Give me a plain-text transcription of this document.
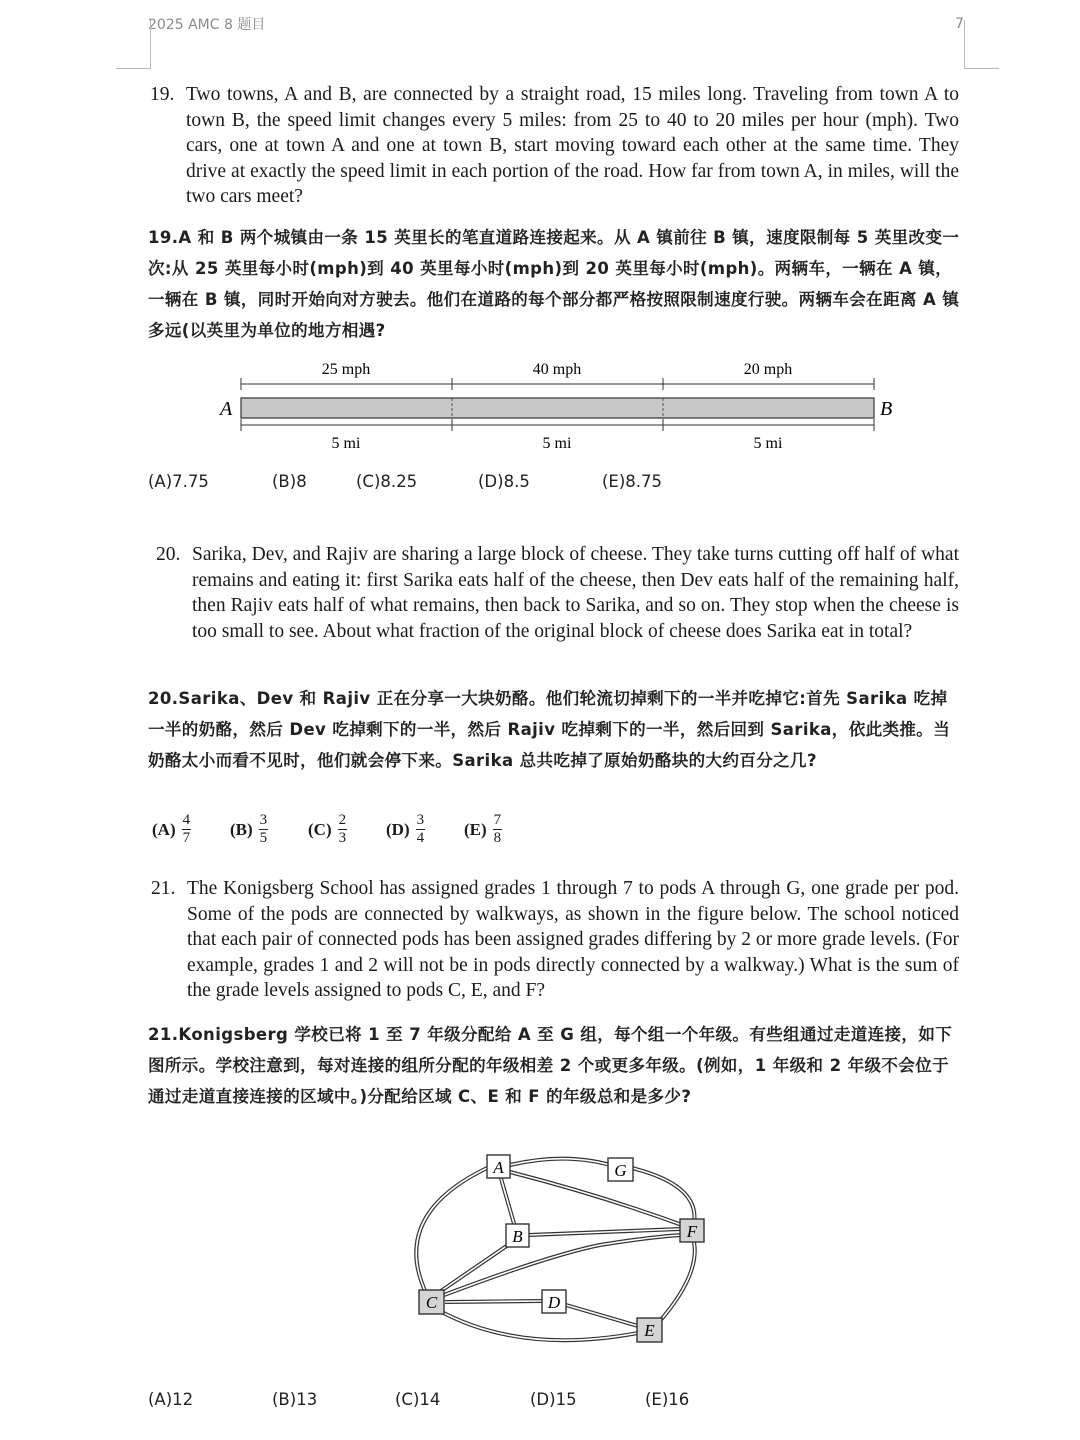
2025 AMC 8 题目	7
19. Two towns, A and B, are connected by a straight road, 15 miles long. Traveling from town A to town B, the speed limit changes every 5 miles: from 25 to 40 to 20 miles per hour (mph). Two cars, one at town A and one at town B, start moving toward each other at the same time. They drive at exactly the speed limit in each portion of the road. How far from town A, in miles, will the two cars meet?
19.A 和 B 两个城镇由一条 15 英里长的笔直道路连接起来。从 A 镇前往 B 镇，速度限制每 5 英里改变一次:从 25 英里每小时(mph)到 40 英里每小时(mph)到 20 英里每小时(mph)。两辆车，一辆在 A 镇，一辆在 B 镇，同时开始向对方驶去。他们在道路的每个部分都严格按照限制速度行驶。两辆车会在距离 A 镇多远(以英里为单位的地方相遇?
25 mph	40 mph	20 mph
A	B
5 mi	5 mi	5 mi
(A)7.75	(B)8	(C)8.25	(D)8.5	(E)8.75
20. Sarika, Dev, and Rajiv are sharing a large block of cheese. They take turns cutting off half of what remains and eating it: first Sarika eats half of the cheese, then Dev eats half of the remaining half, then Rajiv eats half of what remains, then back to Sarika, and so on. They stop when the cheese is too small to see. About what fraction of the original block of cheese does Sarika eat in total?
20.Sarika、Dev 和 Rajiv 正在分享一大块奶酪。他们轮流切掉剩下的一半并吃掉它:首先 Sarika 吃掉一半的奶酪，然后 Dev 吃掉剩下的一半，然后 Rajiv 吃掉剩下的一半，然后回到 Sarika，依此类推。当奶酪太小而看不见时，他们就会停下来。Sarika 总共吃掉了原始奶酪块的大约百分之几?
$(A) \frac{4}{7} (B) \frac{3}{5} (C) \frac{2}{3} (D) \frac{3}{4} (E) \frac{7}{8}$
21. The Konigsberg School has assigned grades 1 through 7 to pods A through G, one grade per pod. Some of the pods are connected by walkways, as shown in the figure below. The school noticed that each pair of connected pods has been assigned grades differing by 2 or more grade levels. (For example, grades 1 and 2 will not be in pods directly connected by a walkway.) What is the sum of the grade levels assigned to pods C, E, and F?
21.Konigsberg 学校已将 1 至 7 年级分配给 A 至 G 组，每个组一个年级。有些组通过走道连接，如下图所示。学校注意到，每对连接的组所分配的年级相差 2 个或更多年级。(例如，1 年级和 2 年级不会位于通过走道直接连接的区域中。)分配给区域 C、E 和 F 的年级总和是多少?
A	G
B	F
C	D
E
(A)12	(B)13	(C)14	(D)15	(E)16
